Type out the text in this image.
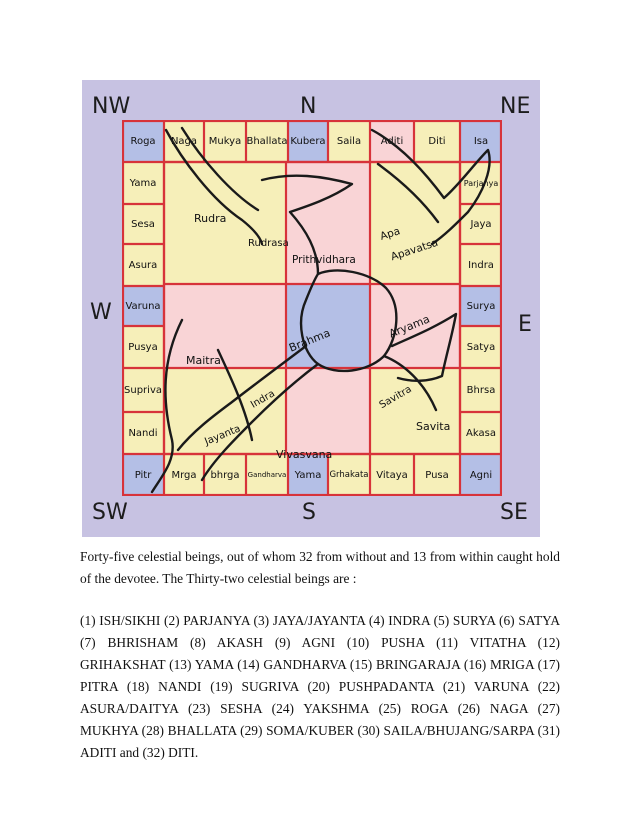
NW	N	NE
W	E
SW	S	SE
Roga	Naga	Mukya Bhallata Kubera	Saila	Aditi	Diti	Isa
Pitr	Mrga	bhrga	Gandharva Yama Grhakata Vitaya	Pusa	Agni
Yama
Sesa
Asura
Varuna
Pusya
Supriva
Nandi
Parjanya
Jaya
Indra
Surya
Satya
Bhrsa
Akasa
Rudra
Rudrasa
Prithvidhara
Apa
Apavatsa
Maitra
Brahma	Aryama
Indra	Savitra
Savita
Jayanta
Vivasvana
Forty-five celestial beings, out of whom 32 from without and 13 from within caught hold of the devotee. The Thirty-two celestial beings are :
(1) ISH/SIKHI (2) PARJANYA (3) JAYA/JAYANTA (4) INDRA (5) SURYA (6) SATYA (7) BHRISHAM (8) AKASH (9) AGNI (10) PUSHA (11) VITATHA (12) GRIHAKSHAT (13) YAMA (14) GANDHARVA (15) BRINGARAJA (16) MRIGA (17) PITRA (18) NANDI (19) SUGRIVA (20) PUSHPADANTA (21) VARUNA (22) ASURA/DAITYA (23) SESHA (24) YAKSHMA (25) ROGA (26) NAGA (27) MUKHYA (28) BHALLATA (29) SOMA/KUBER (30) SAILA/BHUJANG/SARPA (31) ADITI and (32) DITI.
